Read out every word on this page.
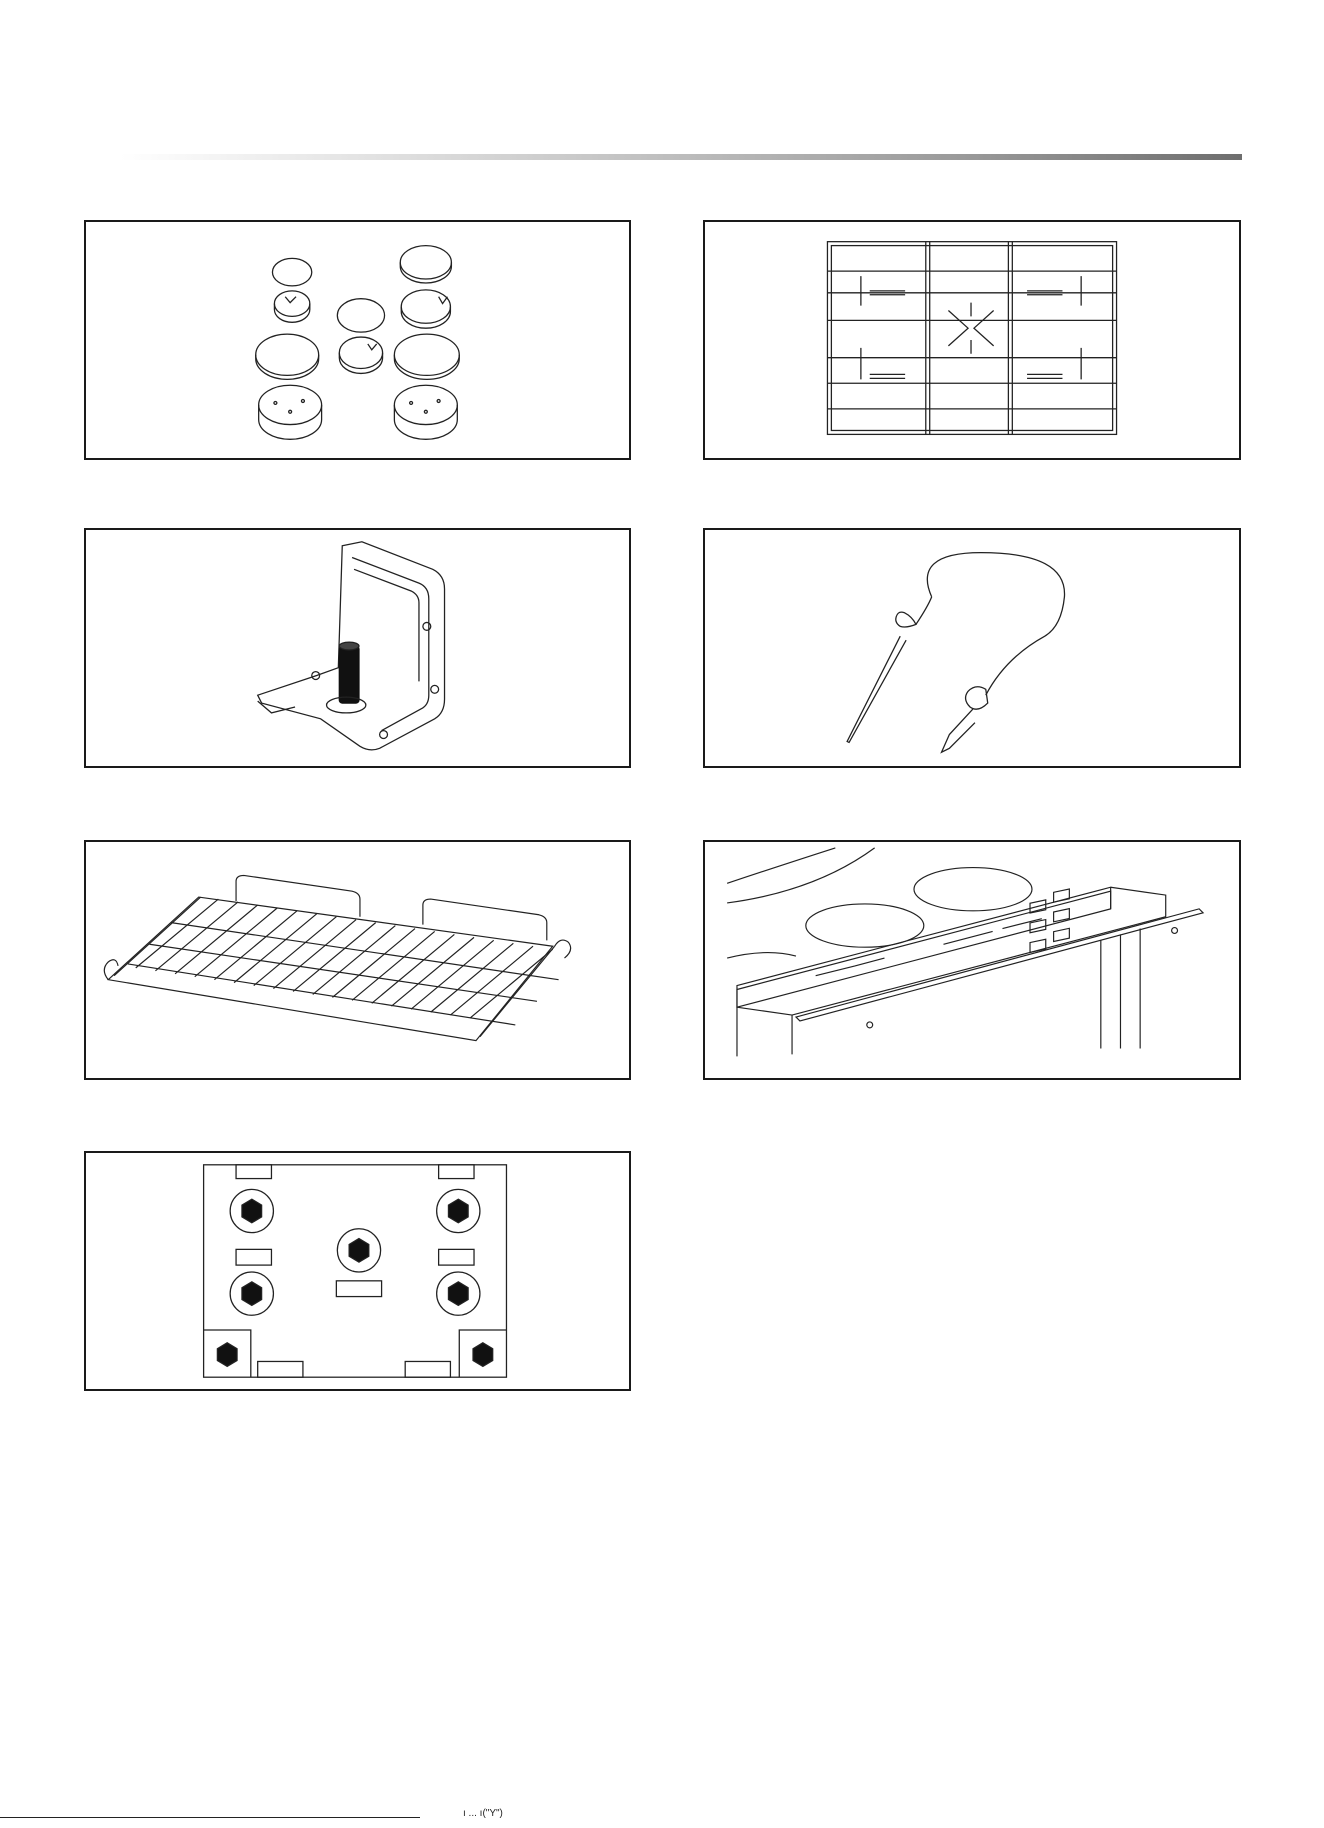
ı ... ı("Y")
